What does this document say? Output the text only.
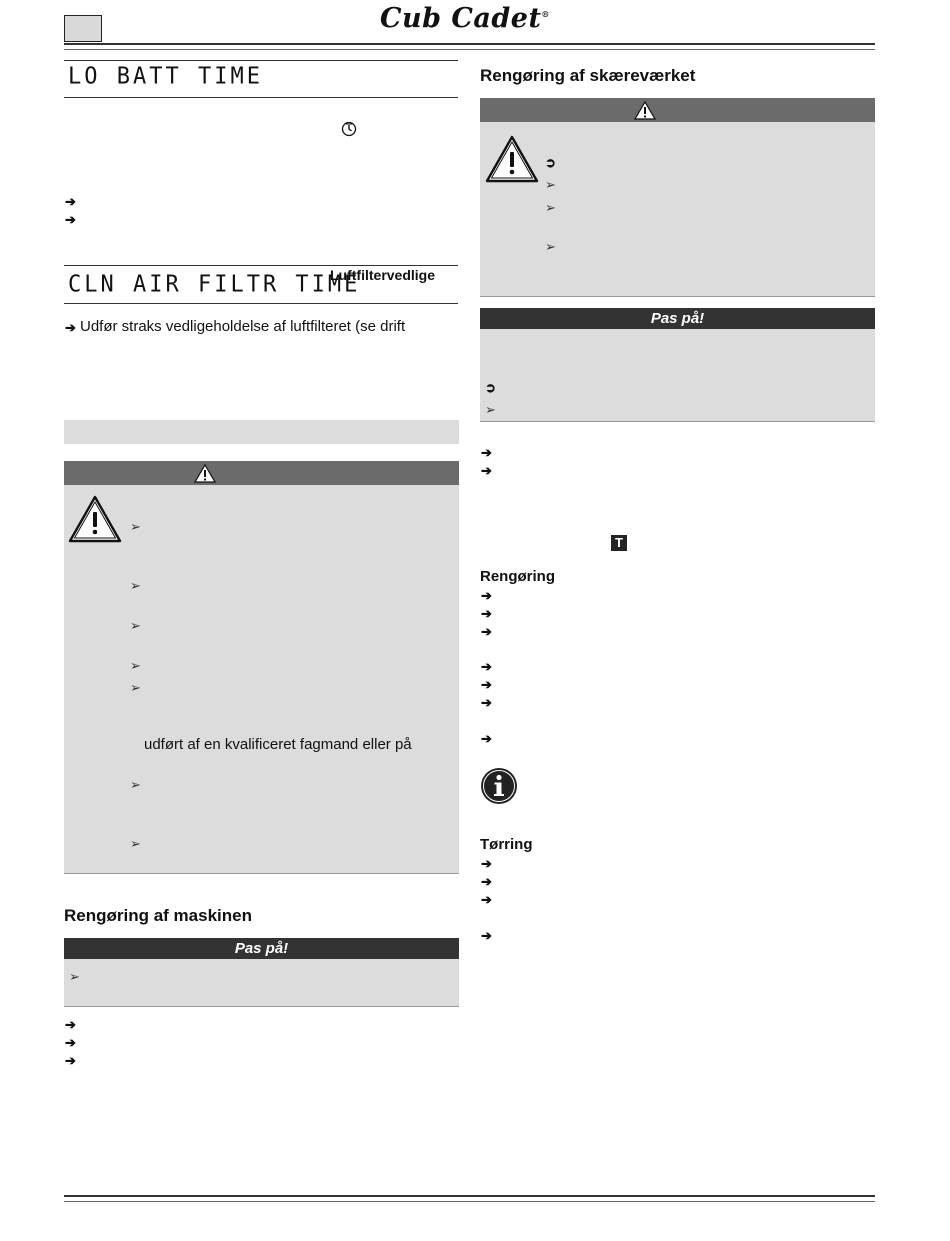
Cub Cadet®
LO BATT TIME
➔
➔
CLN AIR FILTR TIME
Luftfiltervedlige
➔ Udfør straks vedligeholdelse af luftfilteret (se drift
➢
➢
➢
➢
➢
udført af en kvalificeret fagmand eller på
➢
➢
Rengøring af maskinen
Pas på!
➢
➔
➔
➔
Rengøring af skæreværket
➲
➢
➢
➢
Pas på!
➲
➢
➔
➔
T
Rengøring
➔
➔
➔
➔
➔
➔
➔
Tørring
➔
➔
➔
➔
